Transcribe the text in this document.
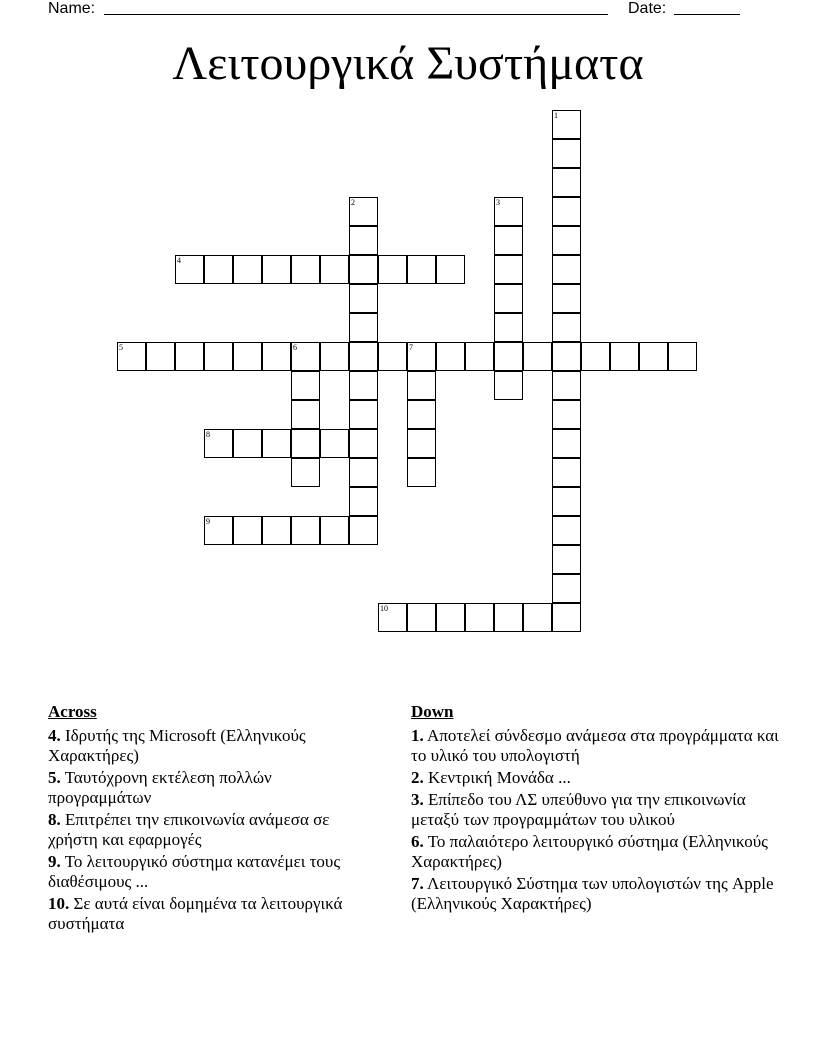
Name:	Date:
Λειτουργικά Συστήματα
1
2	3
4
5	6	7
8
9
10
Across
4. Ιδρυτής της Microsoft (Ελληνικούς Χαρακτήρες)
5. Ταυτόχρονη εκτέλεση πολλών προγραμμάτων
8. Επιτρέπει την επικοινωνία ανάμεσα σε χρήστη και εφαρμογές
9. Το λειτουργικό σύστημα κατανέμει τους διαθέσιμους ...
10. Σε αυτά είναι δομημένα τα λειτουργικά συστήματα
Down
1. Αποτελεί σύνδεσμο ανάμεσα στα προγράμματα και το υλικό του υπολογιστή
2. Κεντρική Μονάδα ...
3. Επίπεδο του ΛΣ υπεύθυνο για την επικοινωνία μεταξύ των προγραμμάτων του υλικού
6. Το παλαιότερο λειτουργικό σύστημα (Ελληνικούς Χαρακτήρες)
7. Λειτουργικό Σύστημα των υπολογιστών της Apple (Ελληνικούς Χαρακτήρες)
